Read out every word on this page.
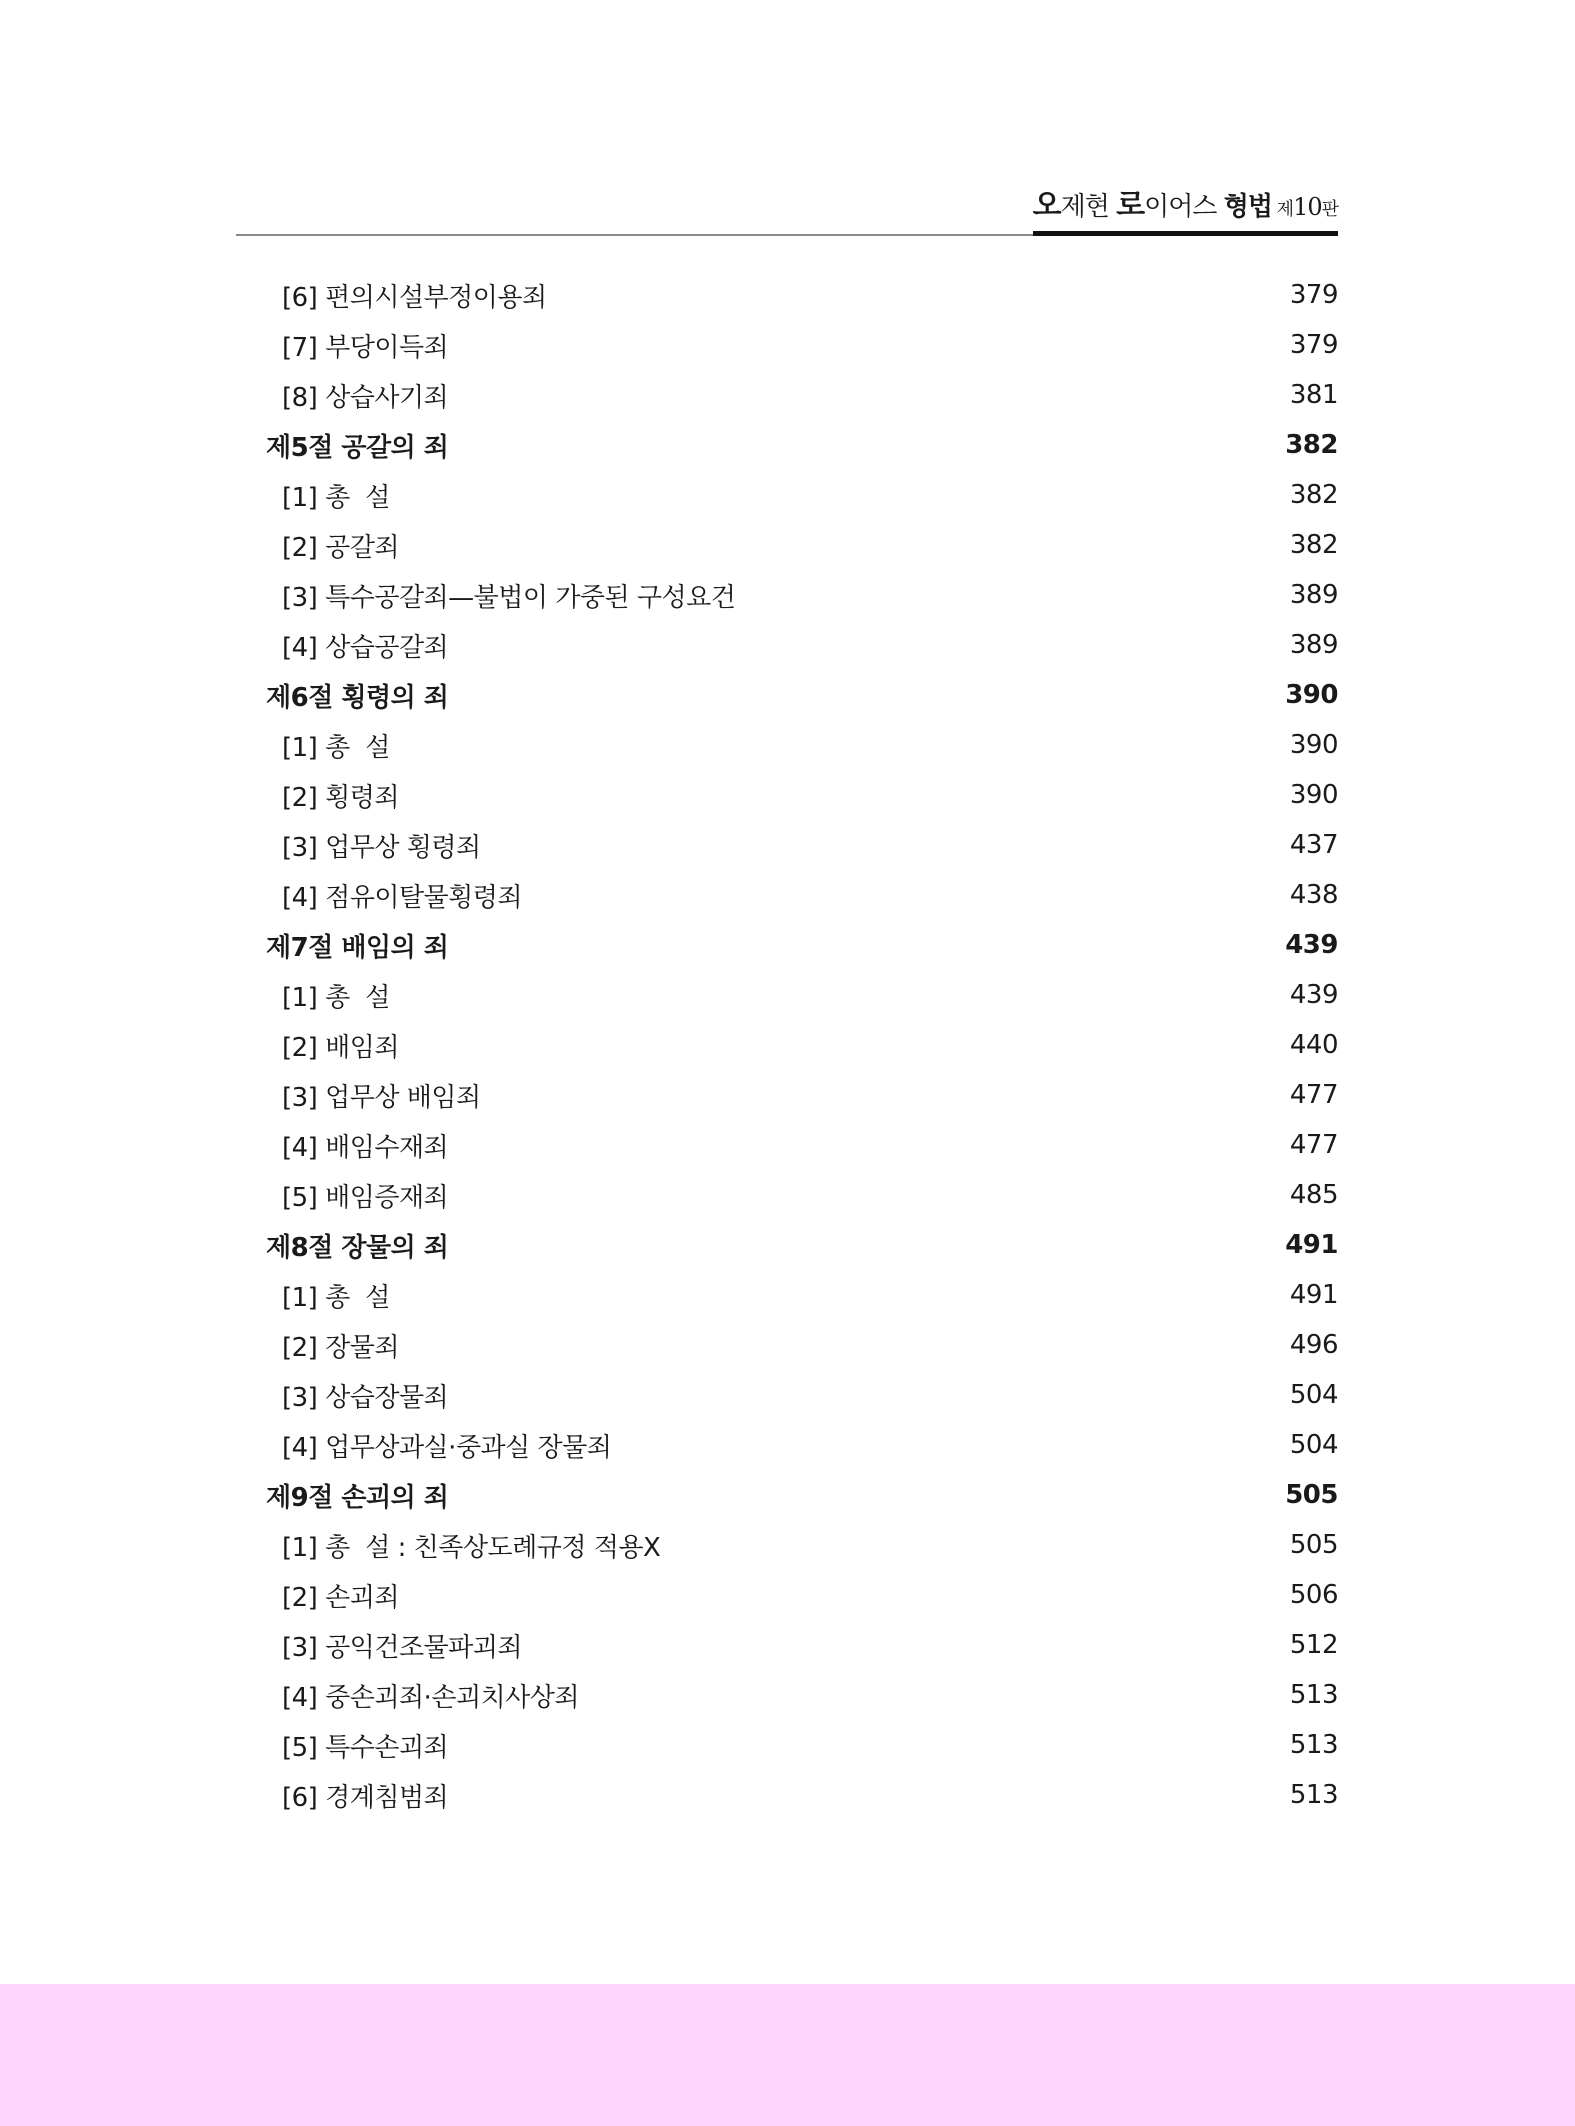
오제현 로이어스 형법 제10판
[6] 편의시설부정이용죄	379
[7] 부당이득죄	379
[8] 상습사기죄	381
제5절 공갈의 죄	382
[1] 총  설	382
[2] 공갈죄	382
[3] 특수공갈죄—불법이 가중된 구성요건	389
[4] 상습공갈죄	389
제6절 횡령의 죄	390
[1] 총  설	390
[2] 횡령죄	390
[3] 업무상 횡령죄	437
[4] 점유이탈물횡령죄	438
제7절 배임의 죄	439
[1] 총  설	439
[2] 배임죄	440
[3] 업무상 배임죄	477
[4] 배임수재죄	477
[5] 배임증재죄	485
제8절 장물의 죄	491
[1] 총  설	491
[2] 장물죄	496
[3] 상습장물죄	504
[4] 업무상과실·중과실 장물죄	504
제9절 손괴의 죄	505
[1] 총  설 : 친족상도례규정 적용X	505
[2] 손괴죄	506
[3] 공익건조물파괴죄	512
[4] 중손괴죄·손괴치사상죄	513
[5] 특수손괴죄	513
[6] 경계침범죄	513
